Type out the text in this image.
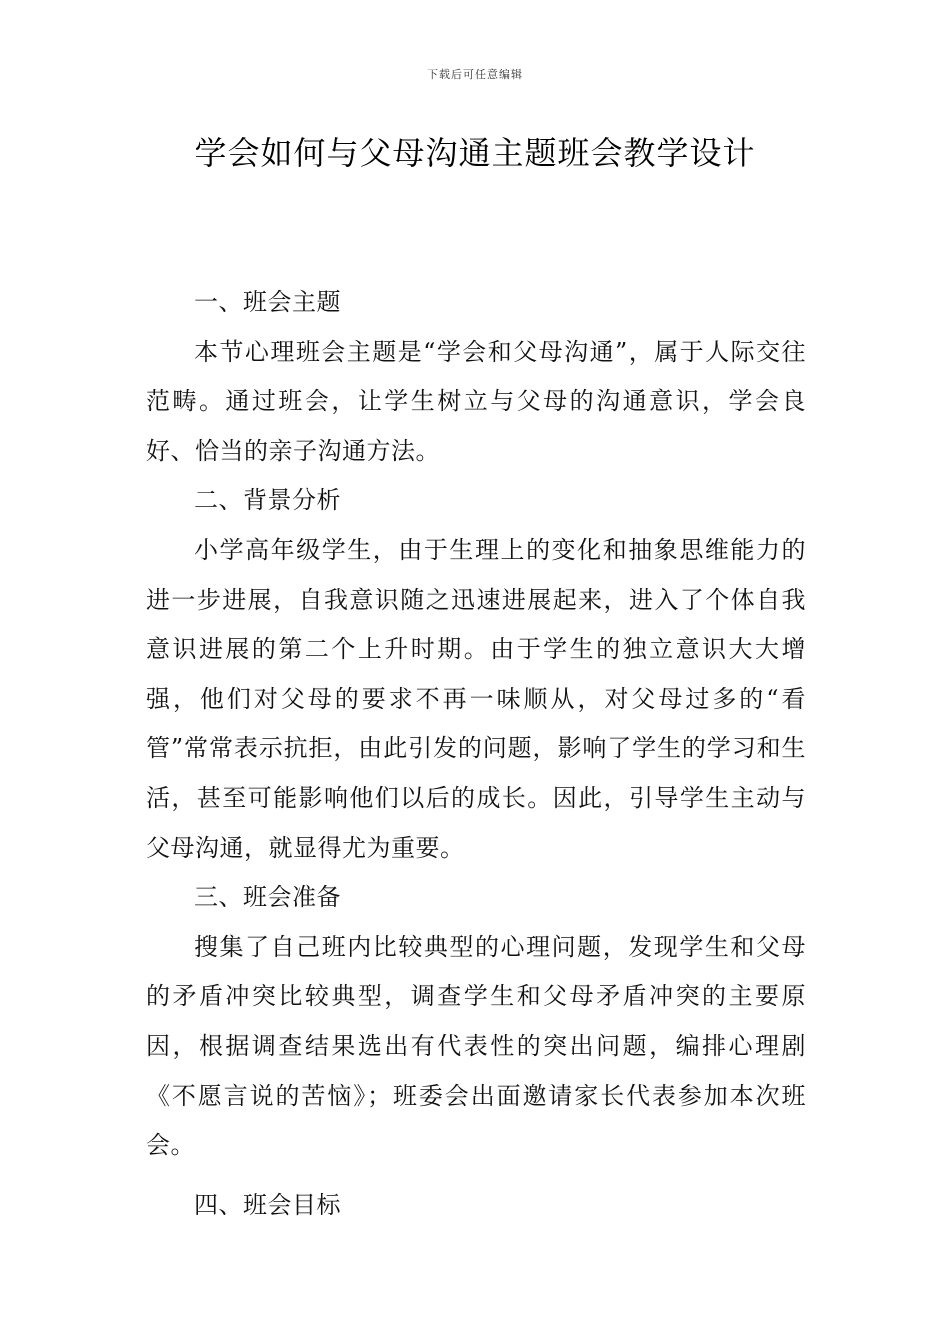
下载后可任意编辑
学会如何与父母沟通主题班会教学设计

一、班会主题

本节心理班会主题是“学会和父母沟通”，属于人际交往范畴。通过班会，让学生树立与父母的沟通意识，学会良好、恰当的亲子沟通方法。

二、背景分析

小学高年级学生，由于生理上的变化和抽象思维能力的进一步进展，自我意识随之迅速进展起来，进入了个体自我意识进展的第二个上升时期。由于学生的独立意识大大增强，他们对父母的要求不再一味顺从，对父母过多的“看管”常常表示抗拒，由此引发的问题，影响了学生的学习和生活，甚至可能影响他们以后的成长。因此，引导学生主动与父母沟通，就显得尤为重要。

三、班会准备

搜集了自己班内比较典型的心理问题，发现学生和父母的矛盾冲突比较典型，调查学生和父母矛盾冲突的主要原因，根据调查结果选出有代表性的突出问题，编排心理剧《不愿言说的苦恼》；班委会出面邀请家长代表参加本次班会。

四、班会目标
